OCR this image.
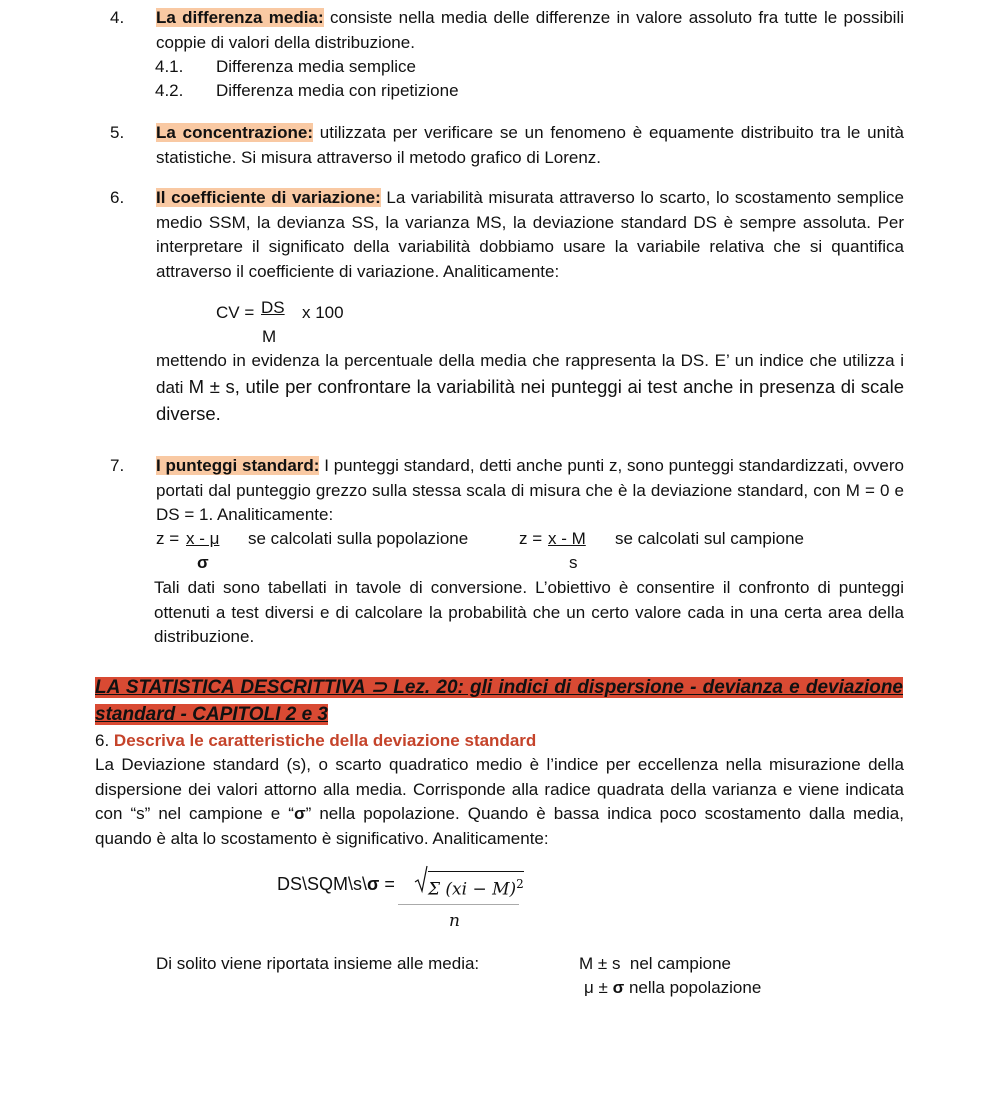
4. La differenza media: consiste nella media delle differenze in valore assoluto fra tutte le possibili coppie di valori della distribuzione.
4.1. Differenza media semplice
4.2. Differenza media con ripetizione
5. La concentrazione: utilizzata per verificare se un fenomeno è equamente distribuito tra le unità statistiche. Si misura attraverso il metodo grafico di Lorenz.
6. Il coefficiente di variazione: La variabilità misurata attraverso lo scarto, lo scostamento semplice medio SSM, la devianza SS, la varianza MS, la deviazione standard DS è sempre assoluta. Per interpretare il significato della variabilità dobbiamo usare la variabile relativa che si quantifica attraverso il coefficiente di variazione. Analiticamente:
CV = DS
M
x 100
mettendo in evidenza la percentuale della media che rappresenta la DS. E’ un indice che utilizza i dati M ± s, utile per confrontare la variabilità nei punteggi ai test anche in presenza di scale diverse.
7. I punteggi standard: I punteggi standard, detti anche punti z, sono punteggi standardizzati, ovvero portati dal punteggio grezzo sulla stessa scala di misura che è la deviazione standard, con M = 0 e DS = 1. Analiticamente:
z = x - μ
σ
se calcolati sulla popolazione	z = x - M
s
se calcolati sul campione
Tali dati sono tabellati in tavole di conversione. L’obiettivo è consentire il confronto di punteggi ottenuti a test diversi e di calcolare la probabilità che un certo valore cada in una certa area della distribuzione.
LA STATISTICA DESCRITTIVA ⊃ Lez. 20: gli indici di dispersione - devianza e deviazione standard - CAPITOLI 2 e 3
6. Descriva le caratteristiche della deviazione standard
La Deviazione standard (s), o scarto quadratico medio è l’indice per eccellenza nella misurazione della dispersione dei valori attorno alla media. Corrisponde alla radice quadrata della varianza e viene indicata con “s” nel campione e “σ” nella popolazione. Quando è bassa indica poco scostamento dalla media, quando è alta lo scostamento è significativo. Analiticamente:
DS\SQM\s\σ = Σ (xi − M)$^2$
n
Di solito viene riportata insieme alle media:	M ± s nel campione
μ ± σ nella popolazione
